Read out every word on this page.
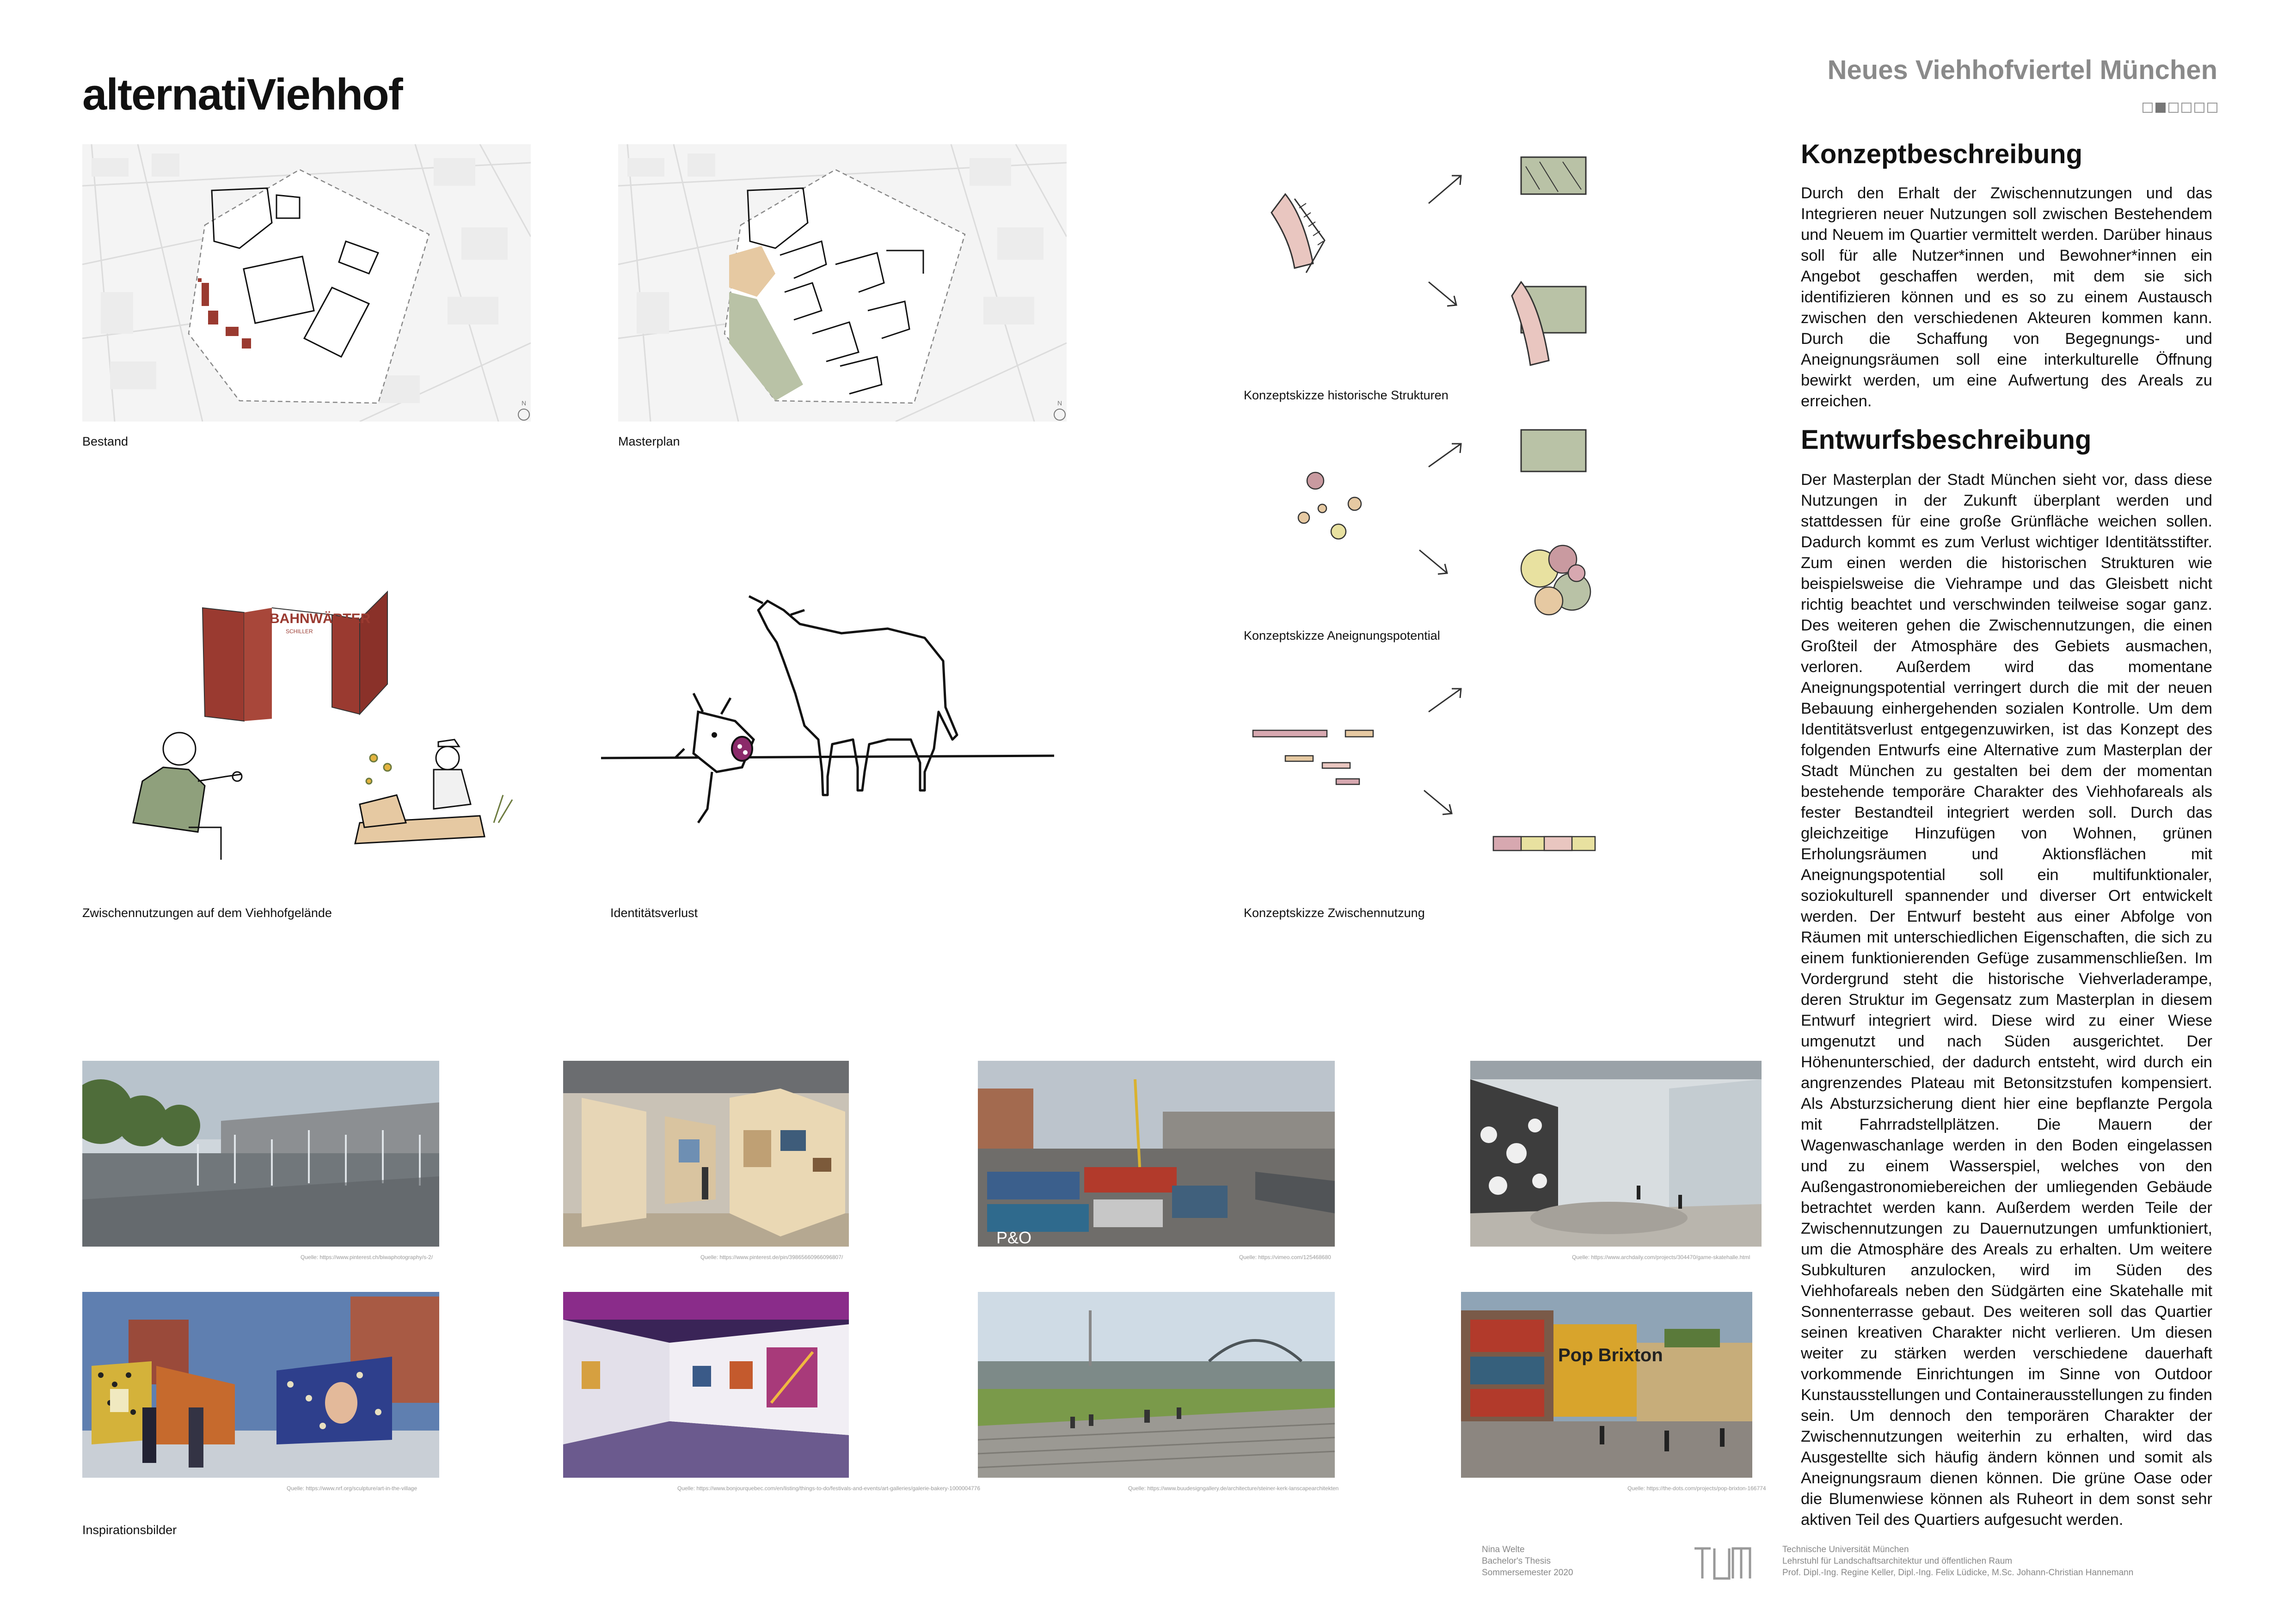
alternatiViehhof	Neues Viehhofviertel München
N
Bestand
N
Masterplan
BAHNWÄRTER
SCHILLER
Zwischennutzungen auf dem Viehhofgelände	Identitätsverlust
Konzeptskizze historische Strukturen
Konzeptskizze Aneignungspotential
Konzeptskizze Zwischennutzung
Quelle: https://www.pinterest.ch/biwaphotography/s-2/	Quelle: https://www.pinterest.de/pin/39865660966096807/
P&O
Quelle: https://vimeo.com/125468680	Quelle: https://www.archdaily.com/projects/304470/game-skatehalle.html
Quelle: https://www.nrf.org/sculpture/art-in-the-village	Quelle: https://www.bonjourquebec.com/en/listing/things-to-do/festivals-and-events/art-galleries/galerie-bakery-1000004776	Quelle: https://www.buudesigngallery.de/architecture/steiner-kerk-lanscapearchitekten
Pop Brixton
Quelle: https://the-dots.com/projects/pop-brixton-166774
Inspirationsbilder
Konzeptbeschreibung
Durch den Erhalt der Zwischennutzungen und das Integrieren neuer Nutzungen soll zwischen Bestehendem und Neuem im Quartier vermittelt werden. Darüber hinaus soll für alle Nutzer*innen und Bewohner*innen ein Angebot geschaffen werden, mit dem sie sich identifizieren können und es so zu einem Austausch zwischen den verschiedenen Akteuren kommen kann. Durch die Schaffung von Begegnungs- und Aneignungsräumen soll eine interkulturelle Öffnung bewirkt werden, um eine Aufwertung des Areals zu erreichen.
Entwurfsbeschreibung
Der Masterplan der Stadt München sieht vor, dass diese Nutzungen in der Zukunft überplant werden und stattdessen für eine große Grünfläche weichen sollen. Dadurch kommt es zum Verlust wichtiger Identitätsstifter. Zum einen werden die historischen Strukturen wie beispielsweise die Viehrampe und das Gleisbett nicht richtig beachtet und verschwinden teilweise sogar ganz. Des weiteren gehen die Zwischennutzungen, die einen Großteil der Atmosphäre des Gebiets ausmachen, verloren. Außerdem wird das momentane Aneignungspotential verringert durch die mit der neuen Bebauung einhergehenden sozialen Kontrolle. Um dem Identitätsverlust entgegenzuwirken, ist das Konzept des folgenden Entwurfs eine Alternative zum Masterplan der Stadt München zu gestalten bei dem der momentan bestehende temporäre Charakter des Viehhofareals als fester Bestandteil integriert werden soll. Durch das gleichzeitige Hinzufügen von Wohnen, grünen Erholungsräumen und Aktionsflächen mit Aneignungspotential soll ein multifunktionaler, soziokulturell spannender und diverser Ort entwickelt werden. Der Entwurf besteht aus einer Abfolge von Räumen mit unterschiedlichen Eigenschaften, die sich zu einem funktionierenden Gefüge zusammenschließen. Im Vordergrund steht die historische Viehverladerampe, deren Struktur im Gegensatz zum Masterplan in diesem Entwurf integriert wird. Diese wird zu einer Wiese umgenutzt und nach Süden ausgerichtet. Der Höhenunterschied, der dadurch entsteht, wird durch ein angrenzendes Plateau mit Betonsitzstufen kompensiert. Als Absturzsicherung dient hier eine bepflanzte Pergola mit Fahrradstellplätzen. Die Mauern der Wagenwaschanlage werden in den Boden eingelassen und zu einem Wasserspiel, welches von den Außengastronomiebereichen der umliegenden Gebäude betrachtet werden kann. Außerdem werden Teile der Zwischennutzungen zu Dauernutzungen umfunktioniert, um die Atmosphäre des Areals zu erhalten. Um weitere Subkulturen anzulocken, wird im Süden des Viehhofareals neben den Südgärten eine Skatehalle mit Sonnenterrasse gebaut. Des weiteren soll das Quartier seinen kreativen Charakter nicht verlieren. Um diesen weiter zu stärken werden verschiedene dauerhaft vorkommende Einrichtungen im Sinne von Outdoor Kunstausstellungen und Containerausstellungen zu finden sein. Um dennoch den temporären Charakter der Zwischennutzungen weiterhin zu erhalten, wird das Ausgestellte sich häufig ändern können und somit als Aneignungsraum dienen können. Die grüne Oase oder die Blumenwiese können als Ruheort in dem sonst sehr aktiven Teil des Quartiers aufgesucht werden.
Nina Welte
Bachelor's Thesis
Sommersemester 2020
TUM	Technische Universität München
Lehrstuhl für Landschaftsarchitektur und öffentlichen Raum
Prof. Dipl.-Ing. Regine Keller, Dipl.-Ing. Felix Lüdicke, M.Sc. Johann-Christian Hannemann
